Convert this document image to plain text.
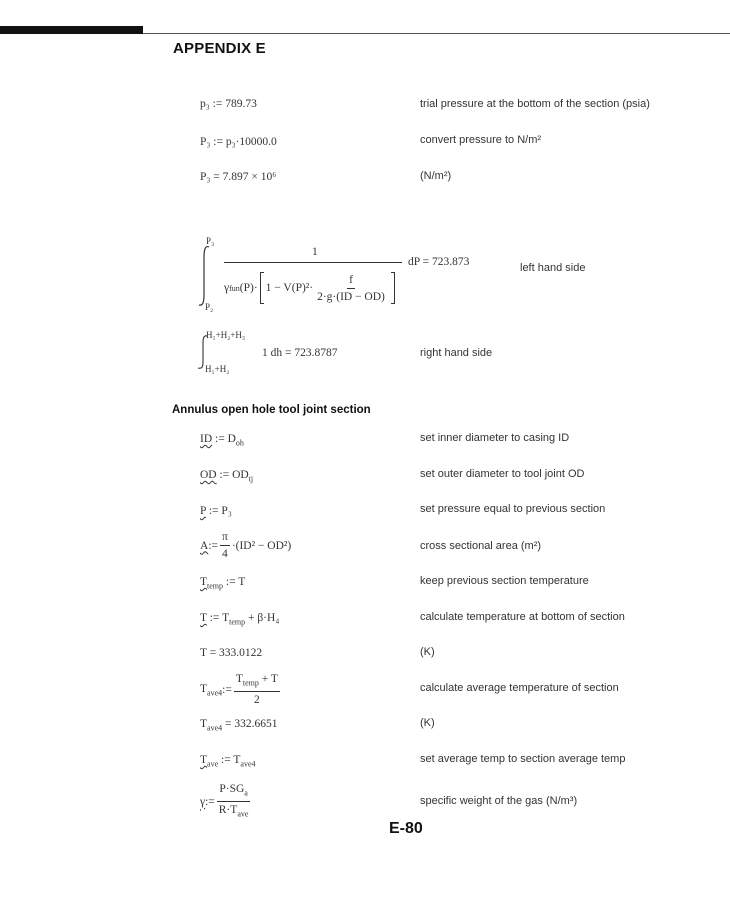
APPENDIX E
p₃ := 789.73	trial pressure at the bottom of the section (psia)
P₃ := p₃·10000.0	convert pressure to N/m²
P₃ = 7.897 × 10⁶	(N/m²)
P₃
P₂
1
γ fun $(P)\cdot 1 - V(P)^2\cdot \frac{f}{2\cdot g\cdot(ID - OD)}$
dP = 723.873	left hand side
H₁+H₂+H₃
H₁+H₂
1 dh = 723.8787	right hand side
Annulus open hole tool joint section
ID := $D_{oh}$	set inner diameter to casing ID
OD := $OD_{tj}$	set outer diameter to tool joint OD
P := P₃	set pressure equal to previous section
A := $\frac{\pi}{4} \cdot(ID^2 - OD^2)$	cross sectional area (m²)
$T_{temp}$ := T	keep previous section temperature
T := $T_{temp} + \beta\cdot H_4$	calculate temperature at bottom of section
T = 333.0122	(K)
$T_{ave4}$ := $\frac{T_{temp} + T}{2}$	calculate average temperature of section
$T_{ave4} = 332.6651$	(K)
$T_{ave}$ := $T_{ave4}$	set average temp to section average temp
γ := $\frac{P\cdot SG_a}{R\cdot T_{ave}}$	specific weight of the gas (N/m³)
E-80
